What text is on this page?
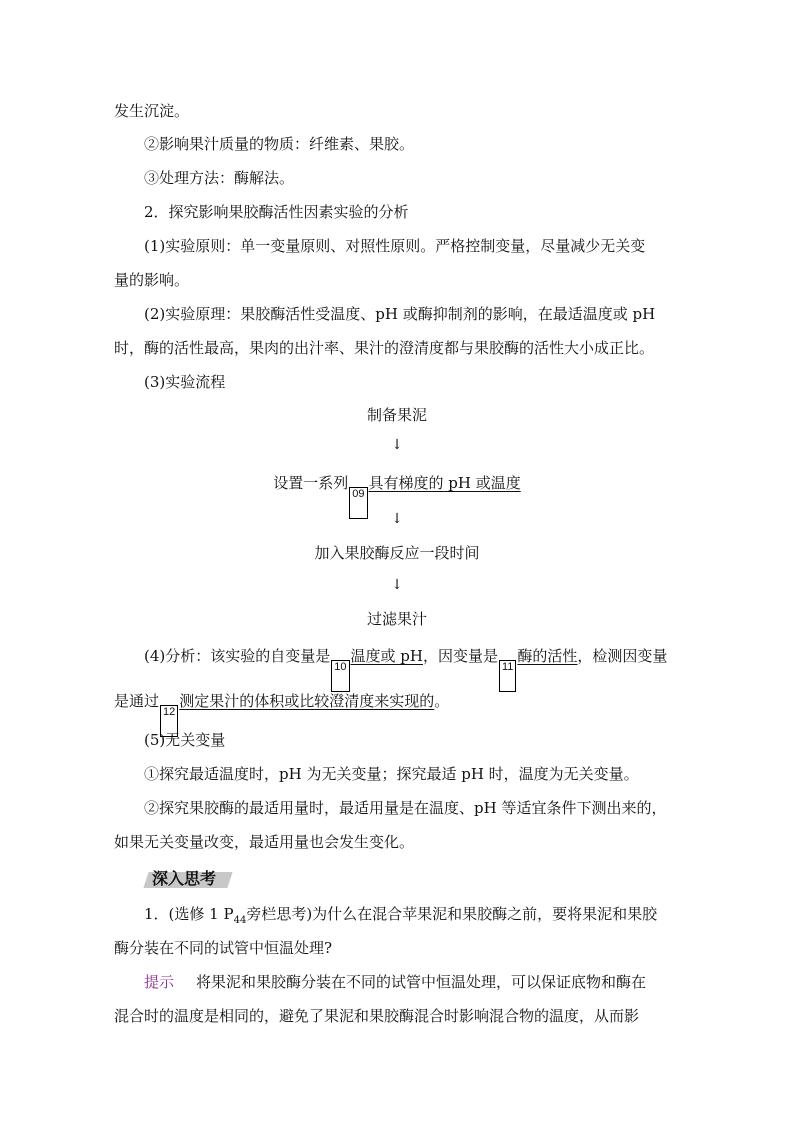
发生沉淀。
②影响果汁质量的物质：纤维素、果胶。
③处理方法：酶解法。
2．探究影响果胶酶活性因素实验的分析
(1)实验原则：单一变量原则、对照性原则。严格控制变量，尽量减少无关变
量的影响。
(2)实验原理：果胶酶活性受温度、pH 或酶抑制剂的影响，在最适温度或 pH
时，酶的活性最高，果肉的出汁率、果汁的澄清度都与果胶酶的活性大小成正比。
(3)实验流程
制备果泥
↓
设置一系列09具有梯度的 pH 或温度
↓
加入果胶酶反应一段时间
↓
过滤果汁
(4)分析：该实验的自变量是10温度或 pH，因变量是11酶的活性，检测因变量
是通过12测定果汁的体积或比较澄清度来实现的。
(5)无关变量
①探究最适温度时，pH 为无关变量；探究最适 pH 时，温度为无关变量。
②探究果胶酶的最适用量时，最适用量是在温度、pH 等适宜条件下测出来的，
如果无关变量改变，最适用量也会发生变化。
深入思考
1．(选修 1 $P_{44}$旁栏思考)为什么在混合苹果泥和果胶酶之前，要将果泥和果胶
酶分装在不同的试管中恒温处理?
提示 将果泥和果胶酶分装在不同的试管中恒温处理，可以保证底物和酶在
混合时的温度是相同的，避免了果泥和果胶酶混合时影响混合物的温度，从而影
